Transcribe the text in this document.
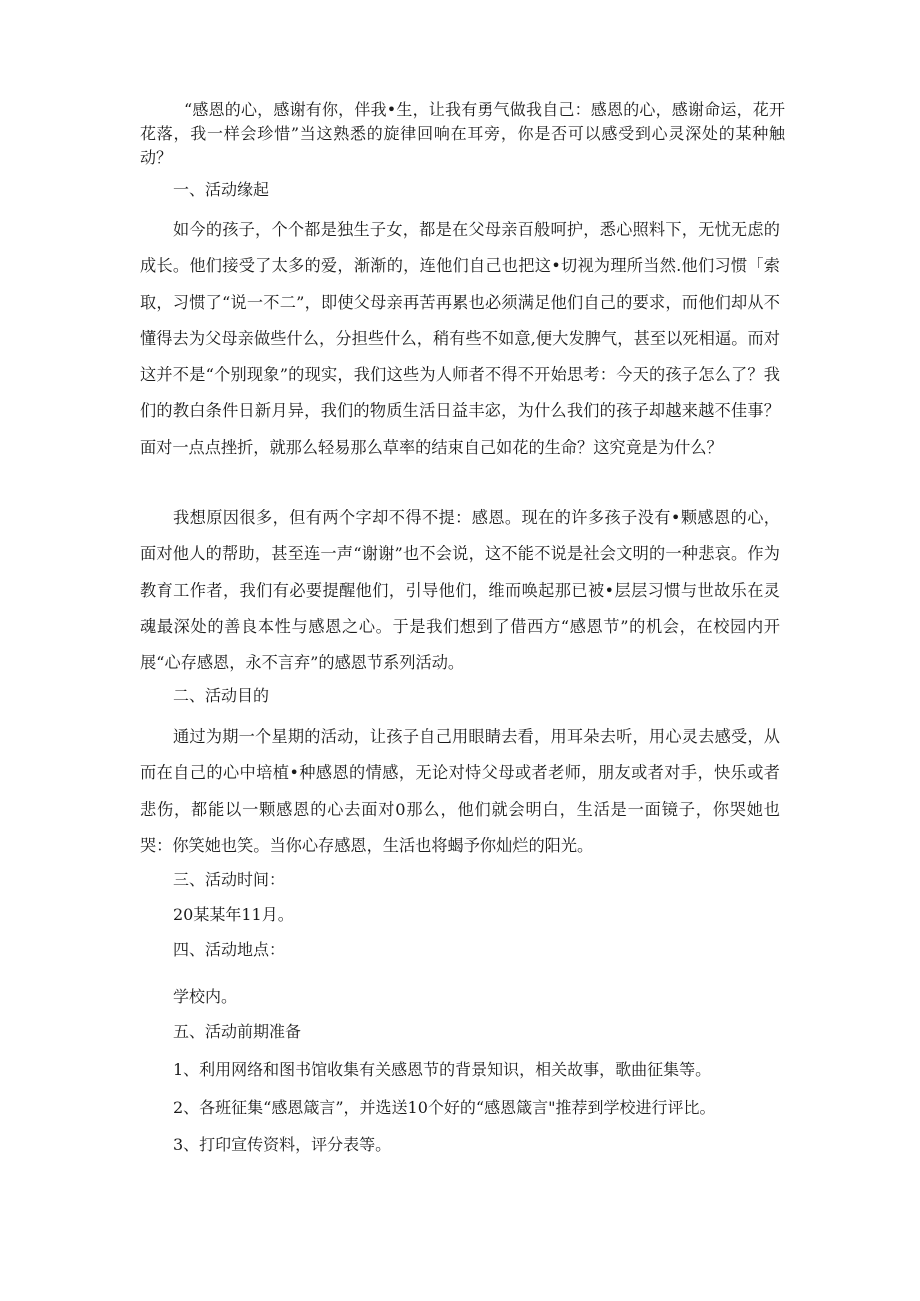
“感恩的心，感谢有你，伴我•生，让我有勇气做我自己：感恩的心，感谢命运，花开花落，我一样会珍惜”当这熟悉的旋律回响在耳旁，你是否可以感受到心灵深处的某种触动？

一、活动缘起

如今的孩子，个个都是独生子女，都是在父母亲百般呵护，悉心照料下，无忧无虑的成长。他们接受了太多的爱，渐渐的，连他们自己也把这•切视为理所当然.他们习惯「索取，习惯了“说一不二”，即使父母亲再苦再累也必须满足他们自己的要求，而他们却从不懂得去为父母亲做些什么，分担些什么，稍有些不如意,便大发脾气，甚至以死相逼。而对这并不是“个别现象”的现实，我们这些为人师者不得不开始思考：今天的孩子怎么了？我们的教白条件日新月异，我们的物质生活日益丰宓，为什么我们的孩子却越来越不佳事？面对一点点挫折，就那么轻易那么草率的结束自己如花的生命？这究竟是为什么？

我想原因很多，但有两个字却不得不提：感恩。现在的许多孩子没有•颗感恩的心，面对他人的帮助，甚至连一声“谢谢”也不会说，这不能不说是社会文明的一种悲哀。作为教育工作者，我们有必要提醒他们，引导他们，维而唤起那已被•层层习惯与世故乐在灵魂最深处的善良本性与感恩之心。于是我们想到了借西方“感恩节”的机会，在校园内开展“心存感恩，永不言弃”的感恩节系列活动。

二、活动目的

通过为期一个星期的活动，让孩子自己用眼睛去看，用耳朵去听，用心灵去感受，从而在自己的心中培植•种感恩的情感，无论对恃父母或者老师，朋友或者对手，快乐或者悲伤，都能以一颗感恩的心去面对0那么，他们就会明白，生活是一面镜子，你哭她也哭：你笑她也笑。当你心存感恩，生活也将蝎予你灿烂的阳光。

三、活动时间：

20某某年11月。

四、活动地点：

学校内。

五、活动前期准备

1、利用网络和图书馆收集有关感恩节的背景知识，相关故事，歌曲征集等。

2、各班征集“感恩箴言”，并选送10个好的“感恩箴言"推荐到学校进行评比。

3、打印宣传资料，评分表等。
